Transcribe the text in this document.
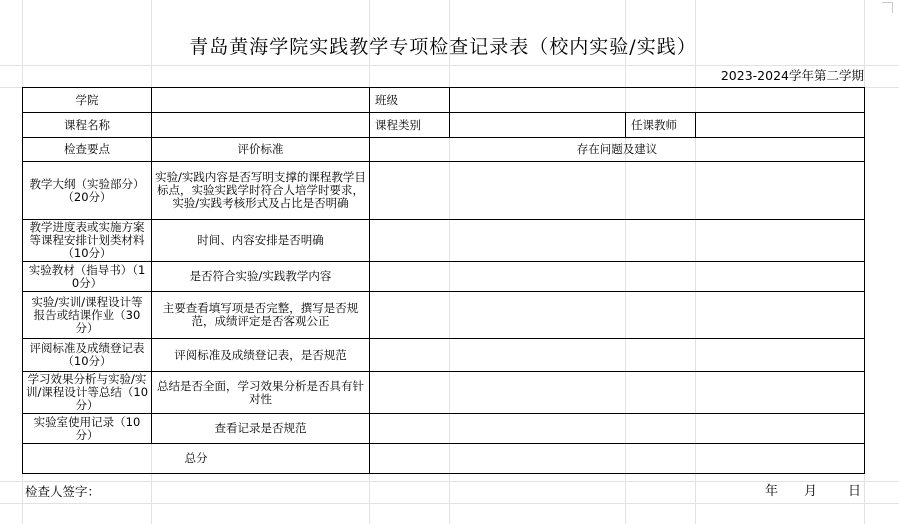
青岛黄海学院实践教学专项检查记录表（校内实验/实践）
2023-2024学年第二学期
学院		班级			
课程名称		课程类别		任课教师	
检查要点	评价标准	存在问题及建议			
教学大纲（实验部分）（20分）	实验/实践内容是否写明支撑的课程教学目标点，实验实践学时符合人培学时要求，实验/实践考核形式及占比是否明确				
教学进度表或实施方案等课程安排计划类材料（10分）	时间、内容安排是否明确				
实验教材（指导书）（10分）	是否符合实验/实践教学内容				
实验/实训/课程设计等报告或结课作业（30分）	主要查看填写项是否完整，撰写是否规范，成绩评定是否客观公正				
评阅标准及成绩登记表（10分）	评阅标准及成绩登记表，是否规范				
学习效果分析与实验/实训/课程设计等总结（10分）	总结是否全面，学习效果分析是否具有针对性				
实验室使用记录（10分）	查看记录是否规范				
总分					
检查人签字：	年 月 日
